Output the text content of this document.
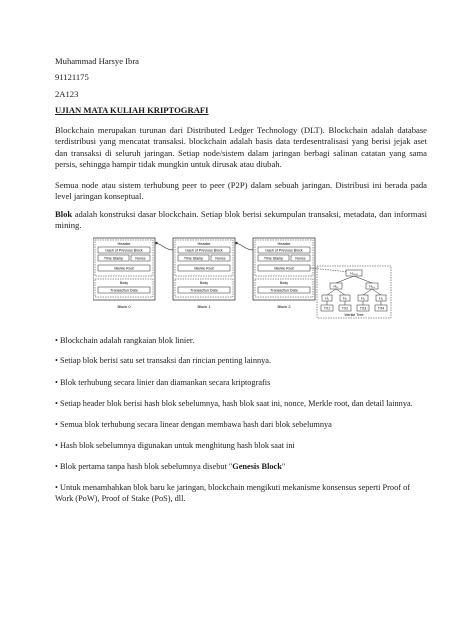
Muhammad Harsye Ibra
91121175
2A123
UJIAN MATA KULIAH KRIPTOGRAFI
Blockchain merupakan turunan dari Distributed Ledger Technology (DLT). Blockchain adalah database terdistribusi yang mencatat transaksi. blockchain adalah basis data terdesentralisasi yang berisi jejak aset dan transaksi di seluruh jaringan. Setiap node/sistem dalam jaringan berbagi salinan catatan yang sama persis, sehingga hampir tidak mungkin untuk dirusak atau diubah.
Semua node atau sistem terhubung peer to peer (P2P) dalam sebuah jaringan. Distribusi ini berada pada level jaringan konseptual.
Blok adalah konstruksi dasar blockchain. Setiap blok berisi sekumpulan transaksi, metadata, dan informasi mining.
Header
Hash of Previous Block
Time Stamp	Nonce
Merkle Root
Body
Transaction Data
Block 0
Header
Hash of Previous Block
Time Stamp	Nonce
Merkle Root
Body
Transaction Data
Block 1
Header
Hash of Previous Block
Time Stamp	Nonce
Merkle Root
Body
Transaction Data
Block 2
H₁₂₃₄
H₁₂	H₃₄
H₁	H₂	H₃	H₄
TX1	TX2	TX3	TX4
Merkle Tree
• Blockchain adalah rangkaian blok linier.
• Setiap blok berisi satu set transaksi dan rincian penting lainnya.
• Blok terhubung secara linier dan diamankan secara kriptografis
• Setiap header blok berisi hash blok sebelumnya, hash blok saat ini, nonce, Merkle root, dan detail lainnya.
• Semua blok terhubung secara linear dengan membawa hash dari blok sebelumnya
• Hash blok sebelumnya digunakan untuk menghitung hash blok saat ini
• Blok pertama tanpa hash blok sebelumnya disebut "Genesis Block"
• Untuk menambahkan blok baru ke jaringan, blockchain mengikuti mekanisme konsensus seperti Proof of Work (PoW), Proof of Stake (PoS), dll.
